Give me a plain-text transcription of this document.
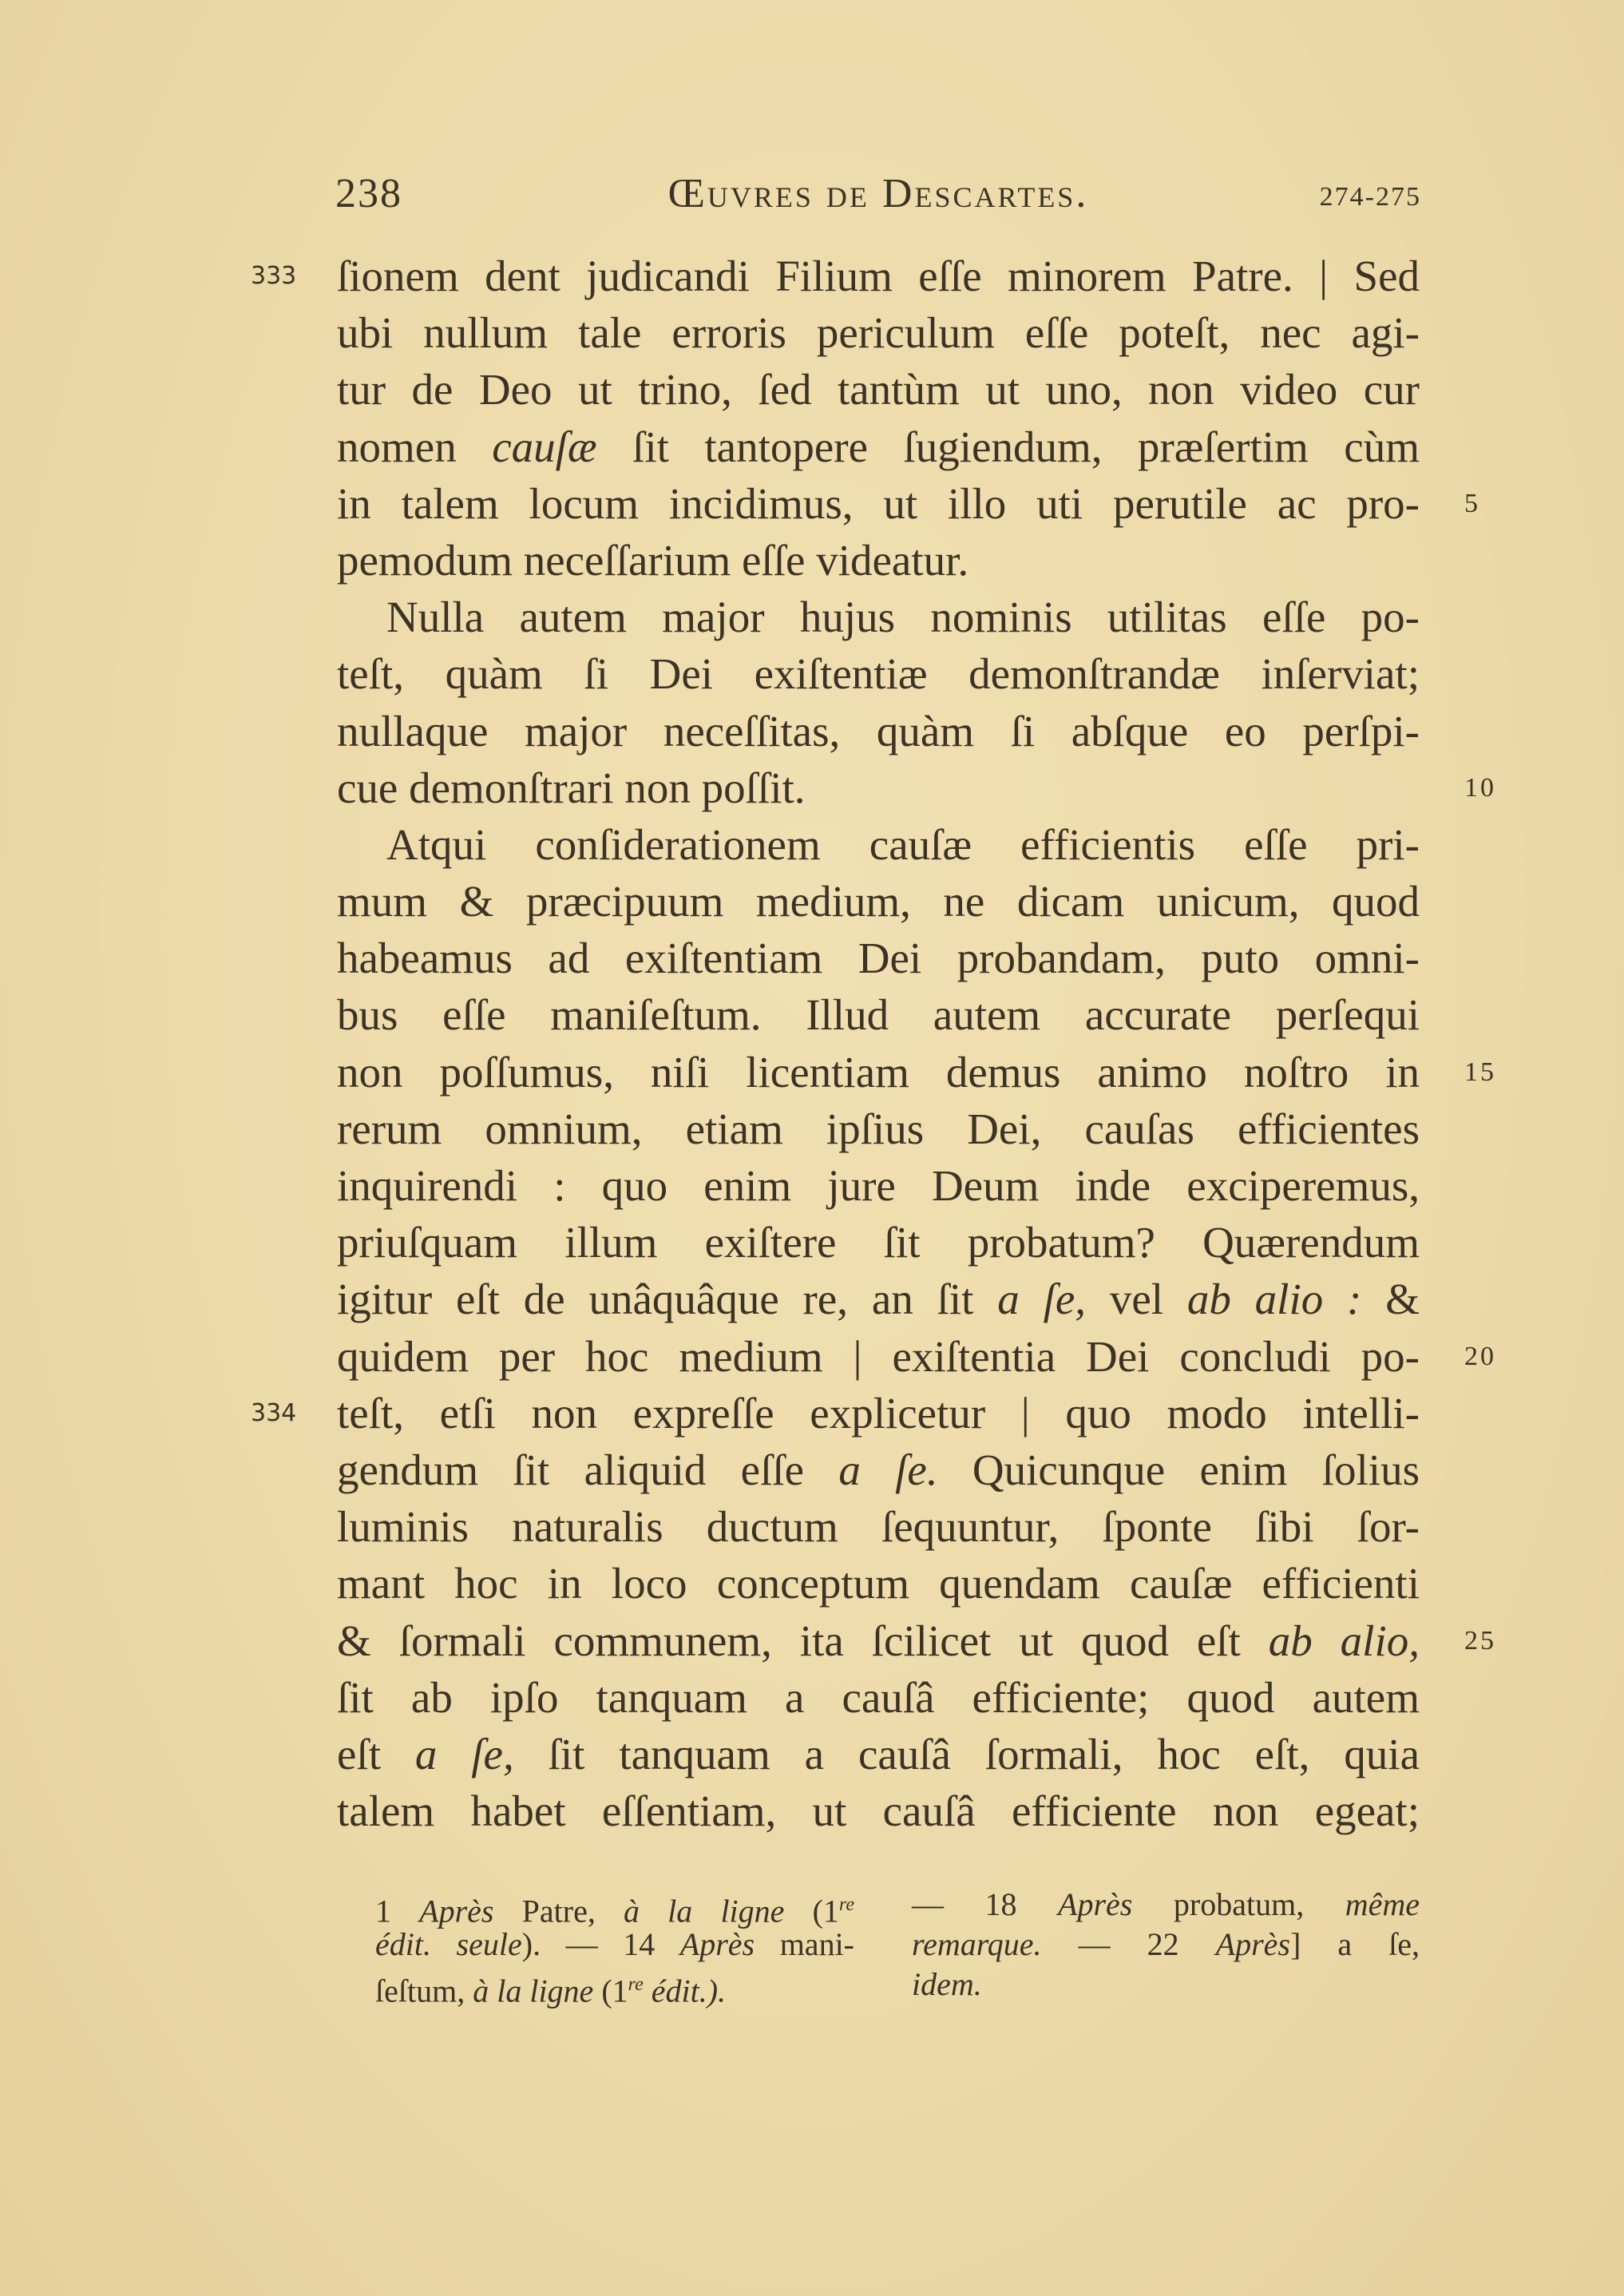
238	Œuvres de Descartes.	274-275
333 ſionem dent judicandi Filium eſſe minorem Patre. | Sed
ubi nullum tale erroris periculum eſſe poteſt, nec agi-
tur de Deo ut trino, ſed tantùm ut uno, non video cur
nomen cauſæ ſit tantopere ſugiendum, præſertim cùm
in talem locum incidimus, ut illo uti perutile ac pro- 5
pemodum neceſſarium eſſe videatur.
Nulla autem major hujus nominis utilitas eſſe po-
teſt, quàm ſi Dei exiſtentiæ demonſtrandæ inſerviat;
nullaque major neceſſitas, quàm ſi abſque eo perſpi-
cue demonſtrari non poſſit.	10
Atqui conſiderationem cauſæ efficientis eſſe pri-
mum & præcipuum medium, ne dicam unicum, quod
habeamus ad exiſtentiam Dei probandam, puto omni-
bus eſſe maniſeſtum. Illud autem accurate perſequi
non poſſumus, niſi licentiam demus animo noſtro in 15
rerum omnium, etiam ipſius Dei, cauſas efficientes
inquirendi : quo enim jure Deum inde exciperemus,
priuſquam illum exiſtere ſit probatum? Quærendum
igitur eſt de unâquâque re, an ſit a ſe, vel ab alio : &
quidem per hoc medium | exiſtentia Dei concludi po- 20
334 teſt, etſi non expreſſe explicetur | quo modo intelli-
gendum ſit aliquid eſſe a ſe. Quicunque enim ſolius
luminis naturalis ductum ſequuntur, ſponte ſibi ſor-
mant hoc in loco conceptum quendam cauſæ efficienti
& ſormali communem, ita ſcilicet ut quod eſt ab alio, 25
ſit ab ipſo tanquam a cauſâ efficiente; quod autem
eſt a ſe, ſit tanquam a cauſâ ſormali, hoc eſt, quia
talem habet eſſentiam, ut cauſâ efficiente non egeat;
1 Après Patre, à la ligne (1re
édit. seule). — 14 Après mani-
ſeſtum, à la ligne (1re édit.).
— 18 Après probatum, même
remarque. — 22 Après] a ſe,
idem.
